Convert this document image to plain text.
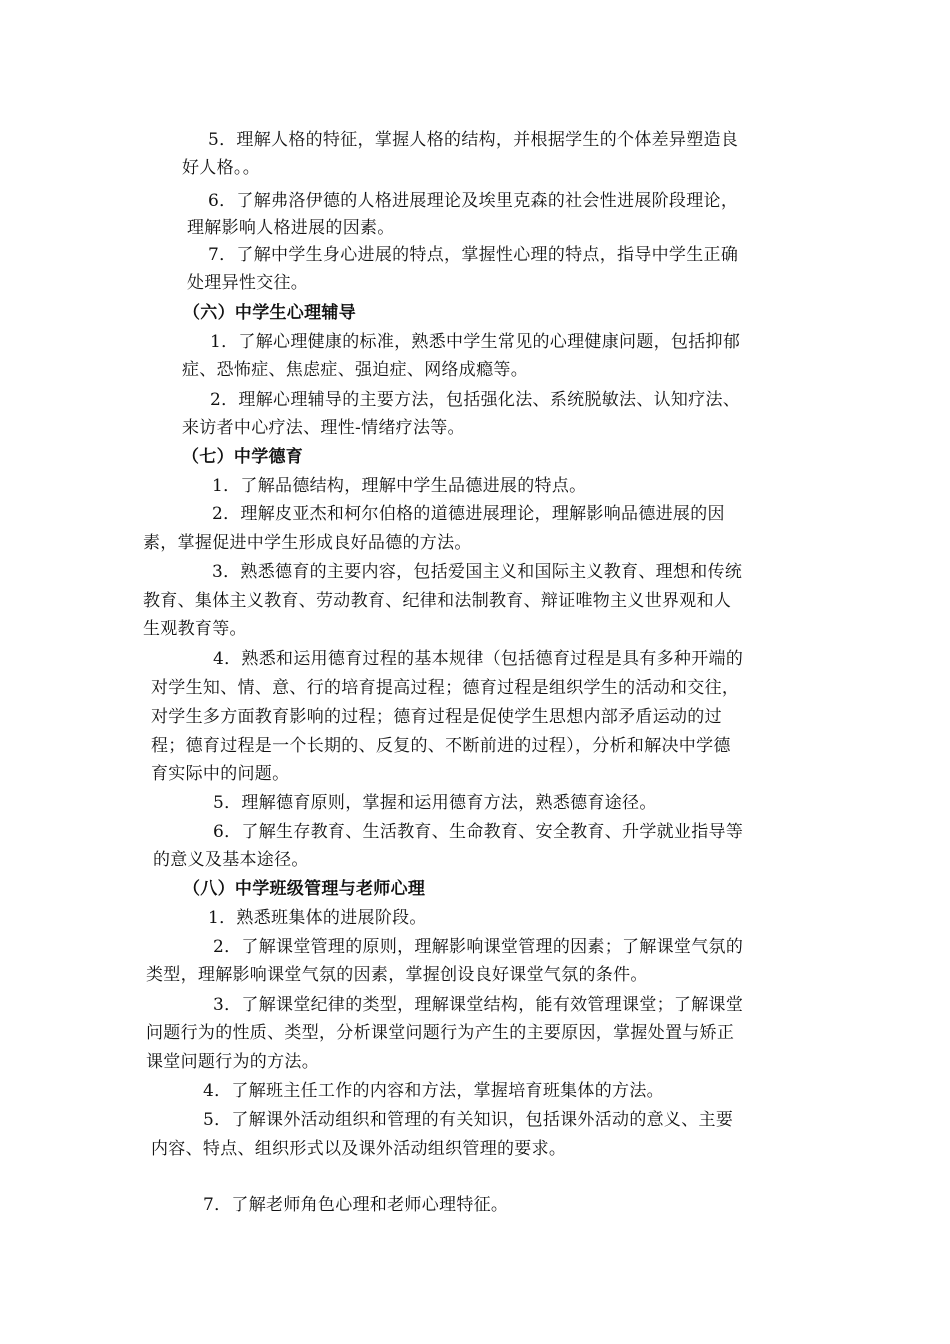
5．理解人格的特征，掌握人格的结构，并根据学生的个体差异塑造良
好人格。。
6．了解弗洛伊德的人格进展理论及埃里克森的社会性进展阶段理论，
理解影响人格进展的因素。
7．了解中学生身心进展的特点，掌握性心理的特点，指导中学生正确
处理异性交往。
（六）中学生心理辅导
1．了解心理健康的标准，熟悉中学生常见的心理健康问题，包括抑郁
症、恐怖症、焦虑症、强迫症、网络成瘾等。
2．理解心理辅导的主要方法，包括强化法、系统脱敏法、认知疗法、
来访者中心疗法、理性-情绪疗法等。
（七）中学德育
1．了解品德结构，理解中学生品德进展的特点。
2．理解皮亚杰和柯尔伯格的道德进展理论，理解影响品德进展的因
素，掌握促进中学生形成良好品德的方法。
3．熟悉德育的主要内容，包括爱国主义和国际主义教育、理想和传统
教育、集体主义教育、劳动教育、纪律和法制教育、辩证唯物主义世界观和人
生观教育等。
4．熟悉和运用德育过程的基本规律（包括德育过程是具有多种开端的
对学生知、情、意、行的培育提高过程；德育过程是组织学生的活动和交往，
对学生多方面教育影响的过程；德育过程是促使学生思想内部矛盾运动的过
程；德育过程是一个长期的、反复的、不断前进的过程），分析和解决中学德
育实际中的问题。
5．理解德育原则，掌握和运用德育方法，熟悉德育途径。
6．了解生存教育、生活教育、生命教育、安全教育、升学就业指导等
的意义及基本途径。
（八）中学班级管理与老师心理
1．熟悉班集体的进展阶段。
2．了解课堂管理的原则，理解影响课堂管理的因素；了解课堂气氛的
类型，理解影响课堂气氛的因素，掌握创设良好课堂气氛的条件。
3．了解课堂纪律的类型，理解课堂结构，能有效管理课堂；了解课堂
问题行为的性质、类型，分析课堂问题行为产生的主要原因，掌握处置与矫正
课堂问题行为的方法。
4．了解班主任工作的内容和方法，掌握培育班集体的方法。
5．了解课外活动组织和管理的有关知识，包括课外活动的意义、主要
内容、特点、组织形式以及课外活动组织管理的要求。
7．了解老师角色心理和老师心理特征。
